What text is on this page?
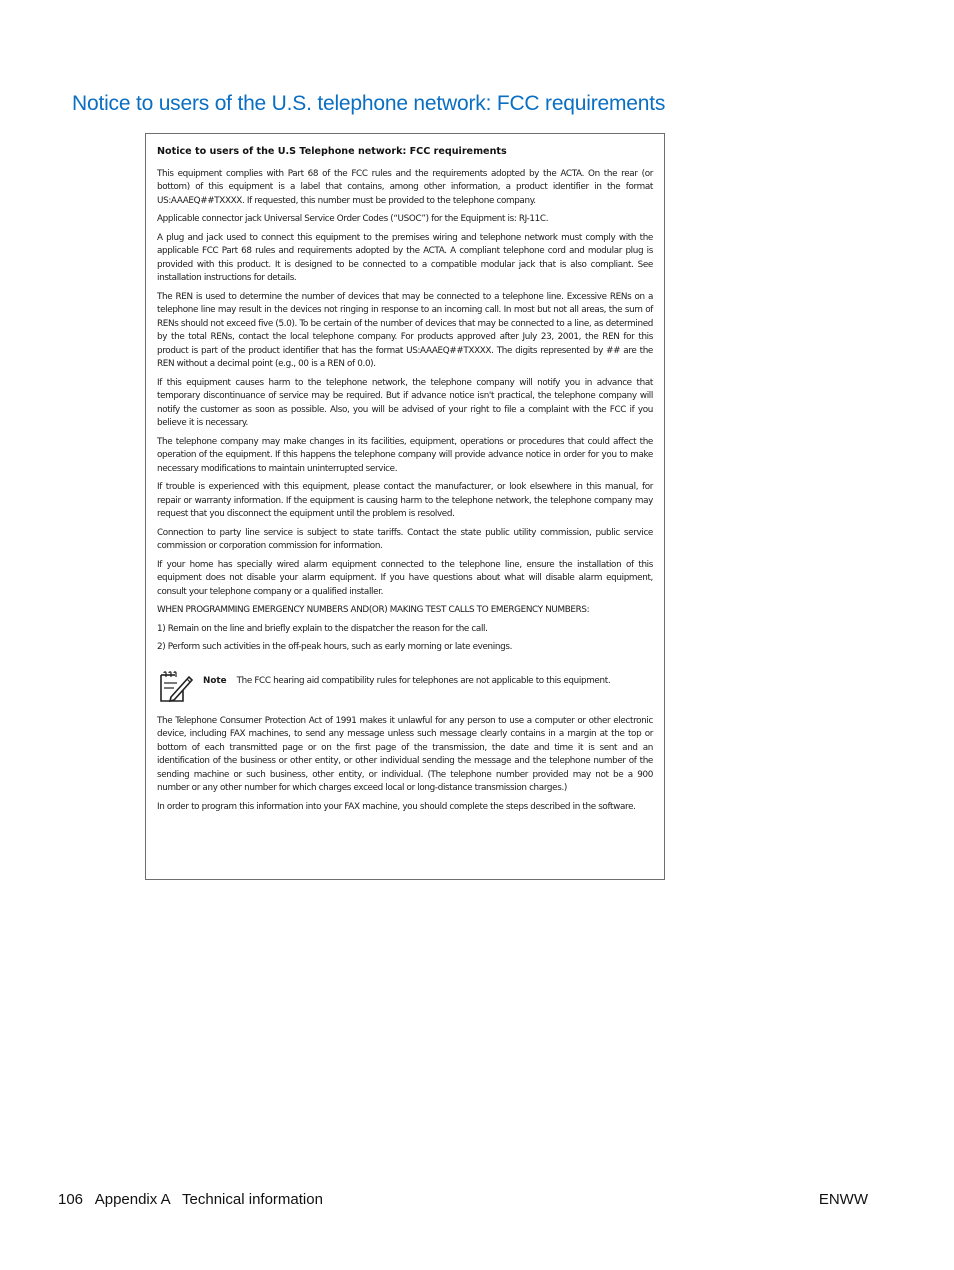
Notice to users of the U.S. telephone network: FCC requirements
Notice to users of the U.S Telephone network: FCC requirements

This equipment complies with Part 68 of the FCC rules and the requirements adopted by the ACTA. On the rear (or bottom) of this equipment is a label that contains, among other information, a product identifier in the format US:AAAEQ##TXXXX. If requested, this number must be provided to the telephone company.

Applicable connector jack Universal Service Order Codes (“USOC”) for the Equipment is: RJ-11C.

A plug and jack used to connect this equipment to the premises wiring and telephone network must comply with the applicable FCC Part 68 rules and requirements adopted by the ACTA. A compliant telephone cord and modular plug is provided with this product. It is designed to be connected to a compatible modular jack that is also compliant. See installation instructions for details.

The REN is used to determine the number of devices that may be connected to a telephone line. Excessive RENs on a telephone line may result in the devices not ringing in response to an incoming call. In most but not all areas, the sum of RENs should not exceed five (5.0). To be certain of the number of devices that may be connected to a line, as determined by the total RENs, contact the local telephone company. For products approved after July 23, 2001, the REN for this product is part of the product identifier that has the format US:AAAEQ##TXXXX. The digits represented by ## are the REN without a decimal point (e.g., 00 is a REN of 0.0).

If this equipment causes harm to the telephone network, the telephone company will notify you in advance that temporary discontinuance of service may be required. But if advance notice isn't practical, the telephone company will notify the customer as soon as possible. Also, you will be advised of your right to file a complaint with the FCC if you believe it is necessary.

The telephone company may make changes in its facilities, equipment, operations or procedures that could affect the operation of the equipment. If this happens the telephone company will provide advance notice in order for you to make necessary modifications to maintain uninterrupted service.

If trouble is experienced with this equipment, please contact the manufacturer, or look elsewhere in this manual, for repair or warranty information. If the equipment is causing harm to the telephone network, the telephone company may request that you disconnect the equipment until the problem is resolved.

Connection to party line service is subject to state tariffs. Contact the state public utility commission, public service commission or corporation commission for information.

If your home has specially wired alarm equipment connected to the telephone line, ensure the installation of this equipment does not disable your alarm equipment. If you have questions about what will disable alarm equipment, consult your telephone company or a qualified installer.

WHEN PROGRAMMING EMERGENCY NUMBERS AND(OR) MAKING TEST CALLS TO EMERGENCY NUMBERS:

1) Remain on the line and briefly explain to the dispatcher the reason for the call.

2) Perform such activities in the off-peak hours, such as early morning or late evenings.

Note The FCC hearing aid compatibility rules for telephones are not applicable to this equipment.

The Telephone Consumer Protection Act of 1991 makes it unlawful for any person to use a computer or other electronic device, including FAX machines, to send any message unless such message clearly contains in a margin at the top or bottom of each transmitted page or on the first page of the transmission, the date and time it is sent and an identification of the business or other entity, or other individual sending the message and the telephone number of the sending machine or such business, other entity, or individual. (The telephone number provided may not be a 900 number or any other number for which charges exceed local or long-distance transmission charges.)

In order to program this information into your FAX machine, you should complete the steps described in the software.

106 Appendix A Technical information	ENWW
